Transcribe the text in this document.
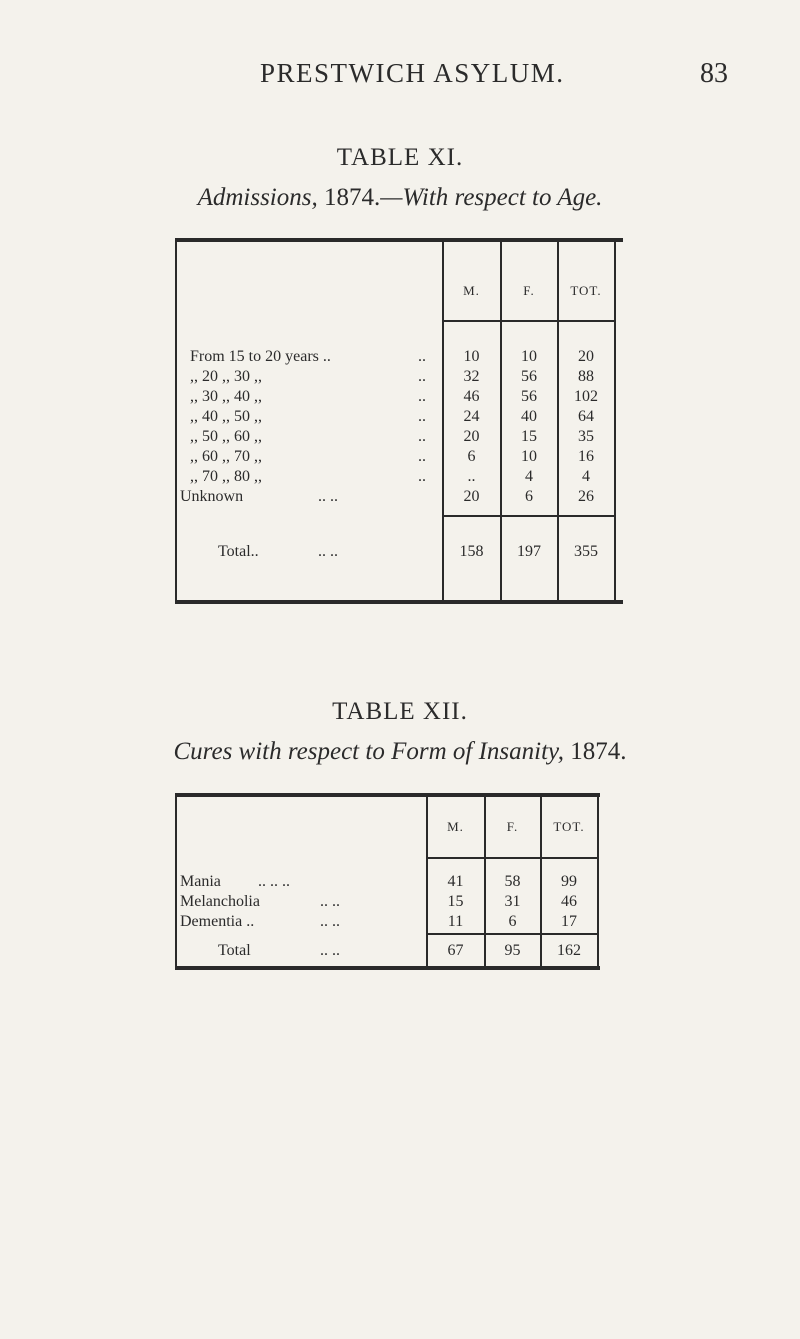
PRESTWICH ASYLUM.	83
TABLE XI.
Admissions, 1874.—With respect to Age.
M.	F.	TOT.
From 15 to 20 years ..	..	10	10	20
,, 20 ,, 30 ,,	..	32	56	88
,, 30 ,, 40 ,,	..	46	56	102
,, 40 ,, 50 ,,	..	24	40	64
,, 50 ,, 60 ,,	..	20	15	35
,, 60 ,, 70 ,,	..	6	10	16
,, 70 ,, 80 ,,	..	..	4	4
Unknown	.. ..	20	6	26
Total..	.. ..	158	197	355
TABLE XII.
Cures with respect to Form of Insanity, 1874.
M.	F.	TOT.
Mania .. .. ..	41	58	99
Melancholia	.. ..	15	31	46
Dementia ..	.. ..	11	6	17
Total	.. ..	67	95	162
